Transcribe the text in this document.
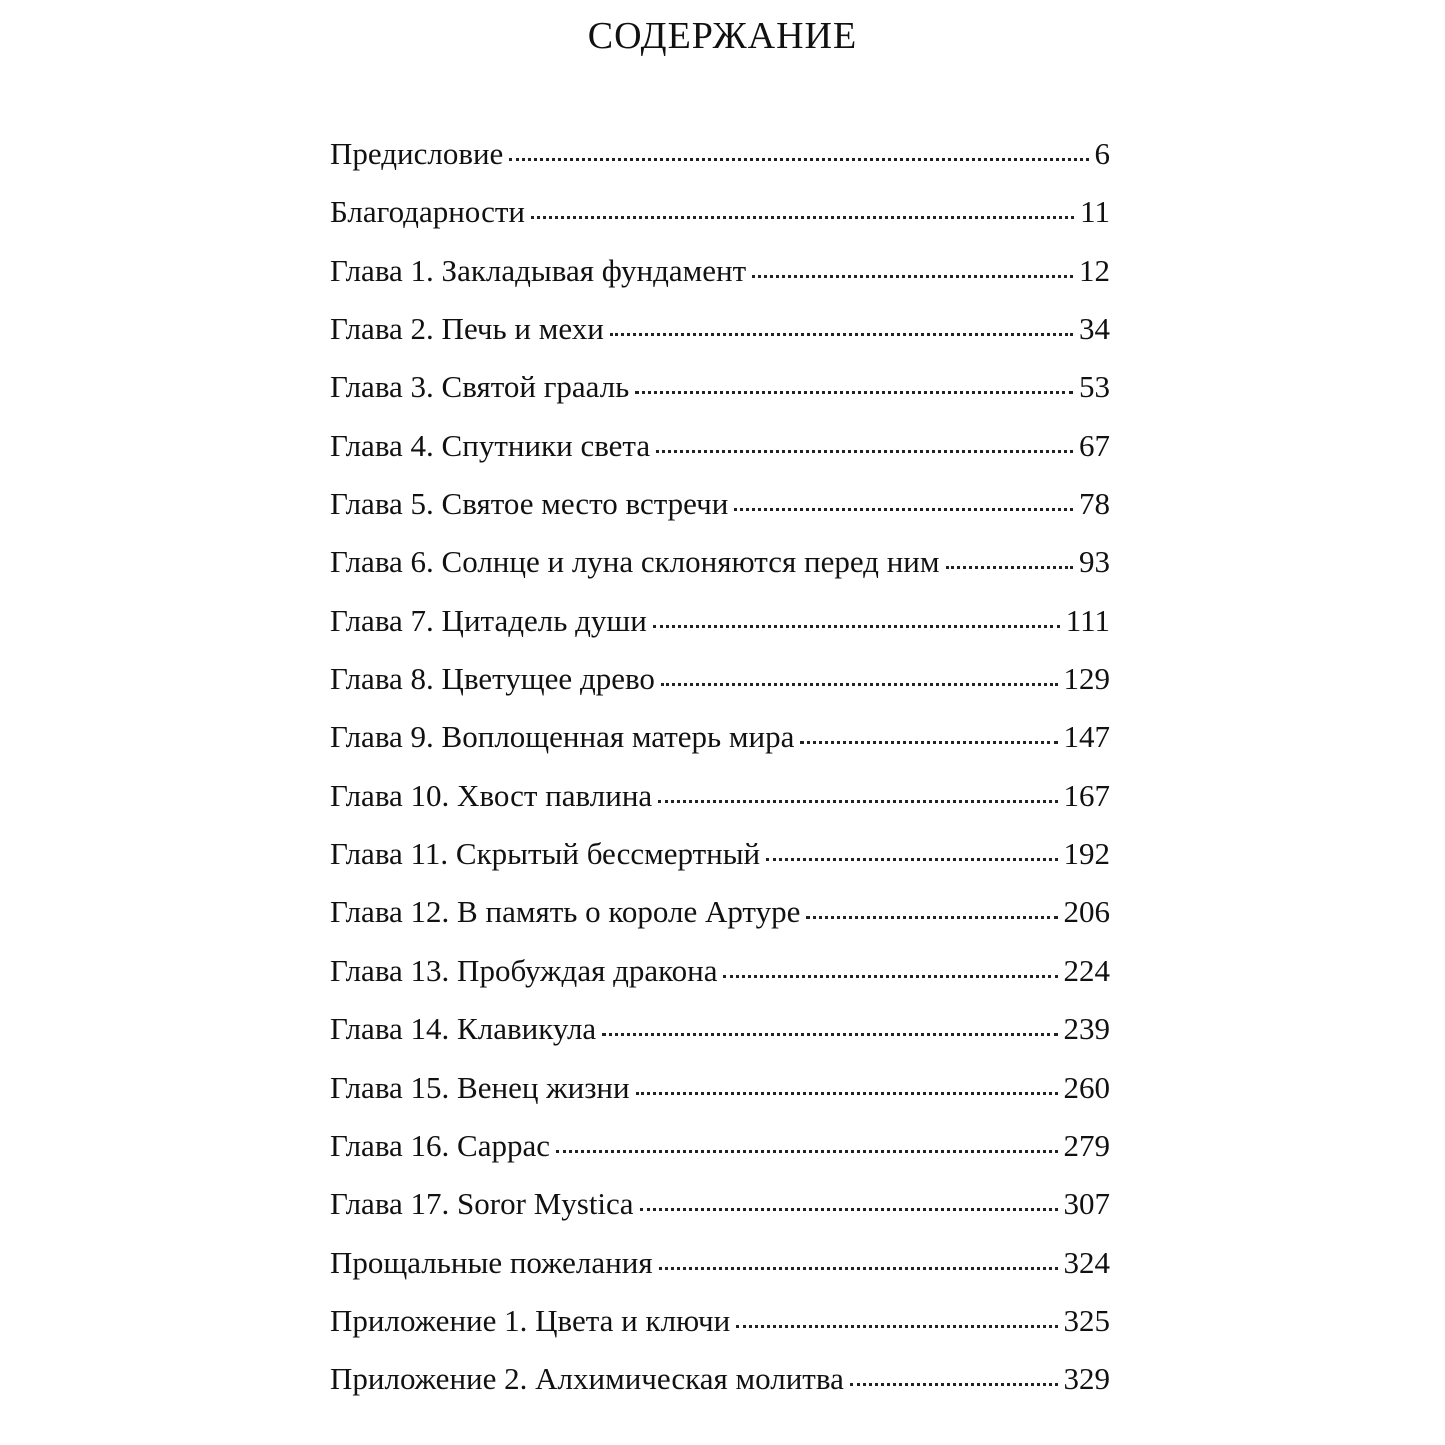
СОДЕРЖАНИЕ
Предисловие	6
Благодарности	11
Глава 1. Закладывая фундамент	12
Глава 2. Печь и мехи	34
Глава 3. Святой грааль	53
Глава 4. Спутники света	67
Глава 5. Святое место встречи	78
Глава 6. Солнце и луна склоняются перед ним	93
Глава 7. Цитадель души	111
Глава 8. Цветущее древо	129
Глава 9. Воплощенная матерь мира	147
Глава 10. Хвост павлина	167
Глава 11. Скрытый бессмертный	192
Глава 12. В память о короле Артуре	206
Глава 13. Пробуждая дракона	224
Глава 14. Клавикула	239
Глава 15. Венец жизни	260
Глава 16. Саррас	279
Глава 17. Soror Mystica	307
Прощальные пожелания	324
Приложение 1. Цвета и ключи	325
Приложение 2. Алхимическая молитва	329
